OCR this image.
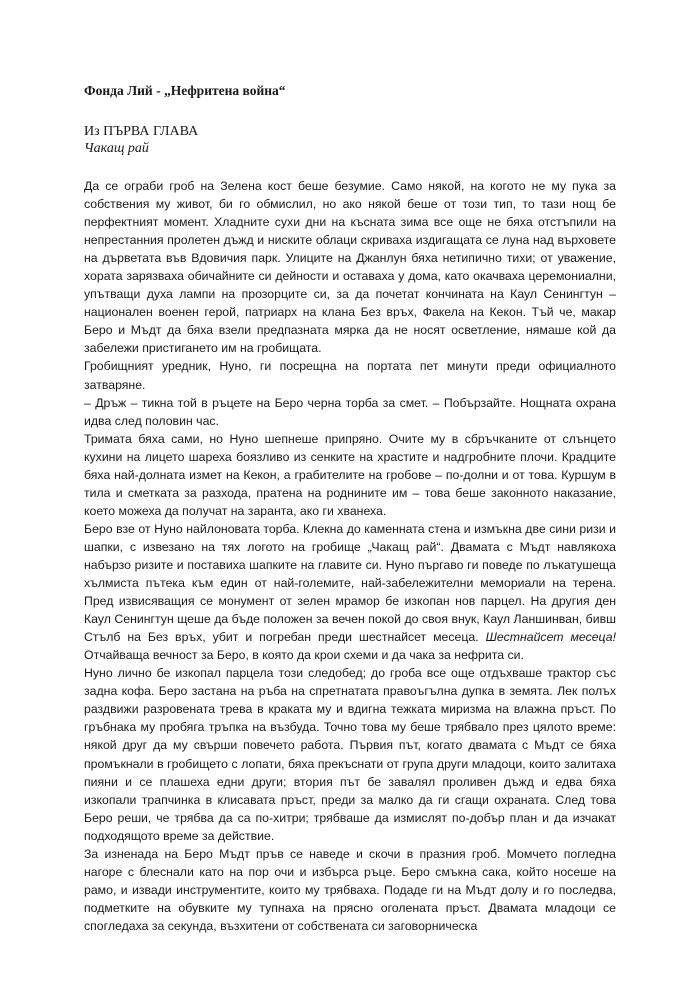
Фонда Лий - „Нефритена война“
Из ПЪРВА ГЛАВА
Чакащ рай

Да се ограби гроб на Зелена кост беше безумие. Само някой, на когото не му пука за собствения му живот, би го обмислил, но ако някой беше от този тип, то тази нощ бе перфектният момент. Хладните сухи дни на късната зима все още не бяха отстъпили на непрестанния пролетен дъжд и ниските облаци скриваха издигащата се луна над върховете на дърветата във Вдовичия парк. Улиците на Джанлун бяха нетипично тихи; от уважение, хората зарязваха обичайните си дейности и оставаха у дома, като окачваха церемониални, упътващи духа лампи на прозорците си, за да почетат кончината на Каул Сенингтун – национален военен герой, патриарх на клана Без връх, Факела на Кекон. Тъй че, макар Беро и Мъдт да бяха взели предпазната мярка да не носят осветление, нямаше кой да забележи пристигането им на гробищата.

Гробищният уредник, Нуно, ги посрещна на портата пет минути преди официалното затваряне.

– Дръж – тикна той в ръцете на Беро черна торба за смет. – Побързайте. Нощната охрана идва след половин час.

Тримата бяха сами, но Нуно шепнеше припряно. Очите му в сбръчканите от слънцето кухини на лицето шареха боязливо из сенките на храстите и надгробните плочи. Крадците бяха най-долната измет на Кекон, а грабителите на гробове – по-долни и от това. Куршум в тила и сметката за разхода, пратена на роднините им – това беше законното наказание, което можеха да получат на заранта, ако ги хванеха.

Беро взе от Нуно найлоновата торба. Клекна до каменната стена и измъкна две сини ризи и шапки, с извезано на тях логото на гробище „Чакащ рай“. Двамата с Мъдт навлякоха набързо ризите и поставиха шапките на главите си. Нуно пъргаво ги поведе по лъкатушеща хълмиста пътека към един от най-големите, най-забележителни мемориали на терена. Пред извисяващия се монумент от зелен мрамор бе изкопан нов парцел. На другия ден Каул Сенингтун щеше да бъде положен за вечен покой до своя внук, Каул Ланшинван, бивш Стълб на Без връх, убит и погребан преди шестнайсет месеца. Шестнайсет месеца! Отчайваща вечност за Беро, в която да крои схеми и да чака за нефрита си.

Нуно лично бе изкопал парцела този следобед; до гроба все още отдъхваше трактор със задна кофа. Беро застана на ръба на спретнатата правоъгълна дупка в земята. Лек полъх раздвижи разровената трева в краката му и вдигна тежката миризма на влажна пръст. По гръбнака му пробяга тръпка на възбуда. Точно това му беше трябвало през цялото време: някой друг да му свърши повечето работа. Първия път, когато двамата с Мъдт се бяха промъкнали в гробището с лопати, бяха прекъснати от група други младоци, които залитаха пияни и се плашеха едни други; втория път бе завалял проливен дъжд и едва бяха изкопали трапчинка в клисавата пръст, преди за малко да ги сгащи охраната. След това Беро реши, че трябва да са по-хитри; трябваше да измислят по-добър план и да изчакат подходящото време за действие.

За изненада на Беро Мъдт пръв се наведе и скочи в празния гроб. Момчето погледна нагоре с блеснали като на пор очи и избърса ръце. Беро смъкна сака, който носеше на рамо, и извади инструментите, които му трябваха. Подаде ги на Мъдт долу и го последва, подметките на обувките му тупнаха на прясно оголената пръст. Двамата младоци се спогледаха за секунда, възхитени от собствената си заговорническа
